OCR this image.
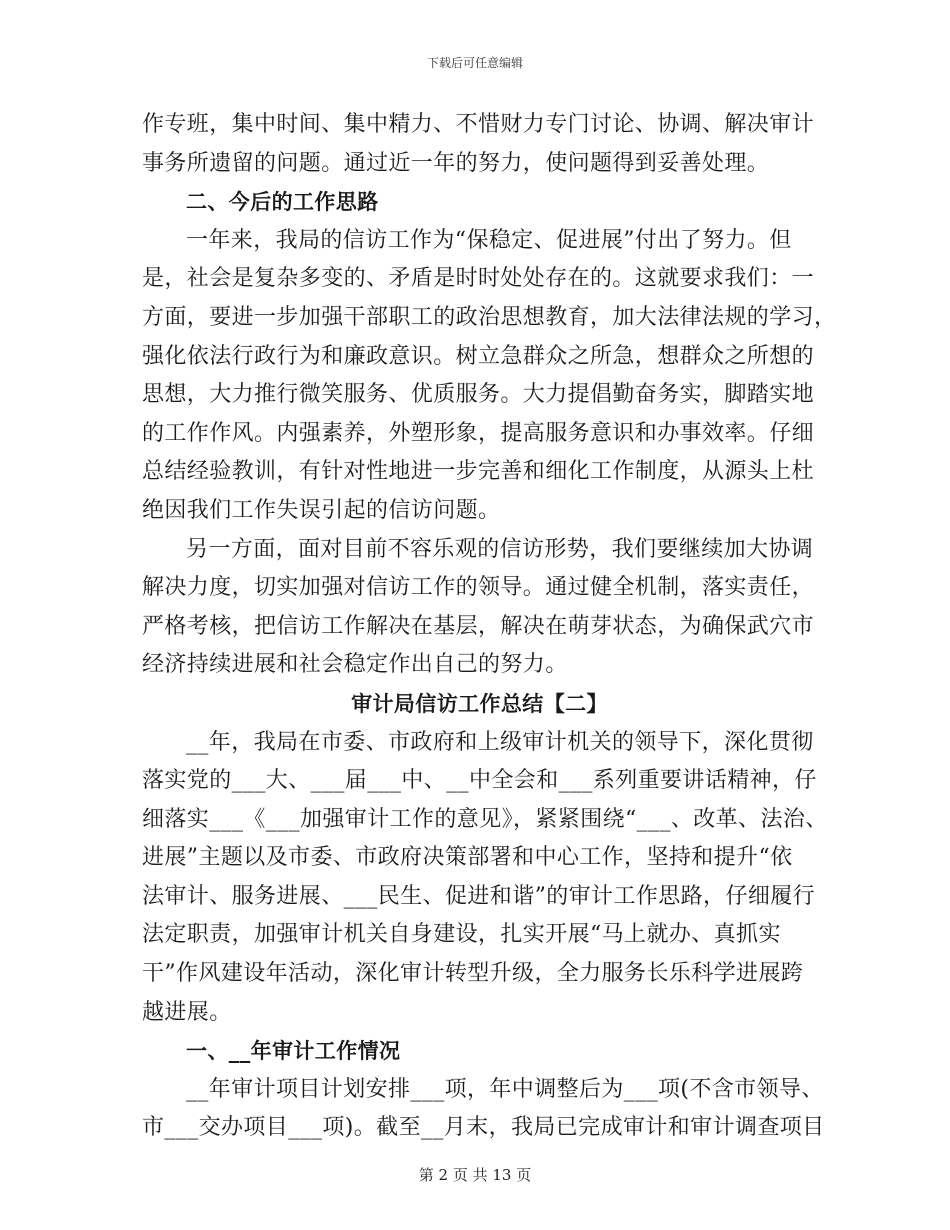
下载后可任意编辑
作专班，集中时间、集中精力、不惜财力专门讨论、协调、解决审计
事务所遗留的问题。通过近一年的努力，使问题得到妥善处理。
二、今后的工作思路
一年来，我局的信访工作为“保稳定、促进展”付出了努力。但
是，社会是复杂多变的、矛盾是时时处处存在的。这就要求我们：一
方面，要进一步加强干部职工的政治思想教育，加大法律法规的学习，
强化依法行政行为和廉政意识。树立急群众之所急，想群众之所想的
思想，大力推行微笑服务、优质服务。大力提倡勤奋务实，脚踏实地
的工作作风。内强素养，外塑形象，提高服务意识和办事效率。仔细
总结经验教训，有针对性地进一步完善和细化工作制度，从源头上杜
绝因我们工作失误引起的信访问题。
另一方面，面对目前不容乐观的信访形势，我们要继续加大协调
解决力度，切实加强对信访工作的领导。通过健全机制，落实责任，
严格考核，把信访工作解决在基层，解决在萌芽状态，为确保武穴市
经济持续进展和社会稳定作出自己的努力。
审计局信访工作总结【二】
__年，我局在市委、市政府和上级审计机关的领导下，深化贯彻
落实党的___大、___届___中、__中全会和___系列重要讲话精神，仔
细落实___《___加强审计工作的意见》，紧紧围绕“___、改革、法治、
进展”主题以及市委、市政府决策部署和中心工作，坚持和提升“依
法审计、服务进展、___民生、促进和谐”的审计工作思路，仔细履行
法定职责，加强审计机关自身建设，扎实开展“马上就办、真抓实
干”作风建设年活动，深化审计转型升级，全力服务长乐科学进展跨
越进展。
一、__年审计工作情况
__年审计项目计划安排___项，年中调整后为___项(不含市领导、
市___交办项目___项)。截至__月末，我局已完成审计和审计调查项目
第 2 页 共 13 页
